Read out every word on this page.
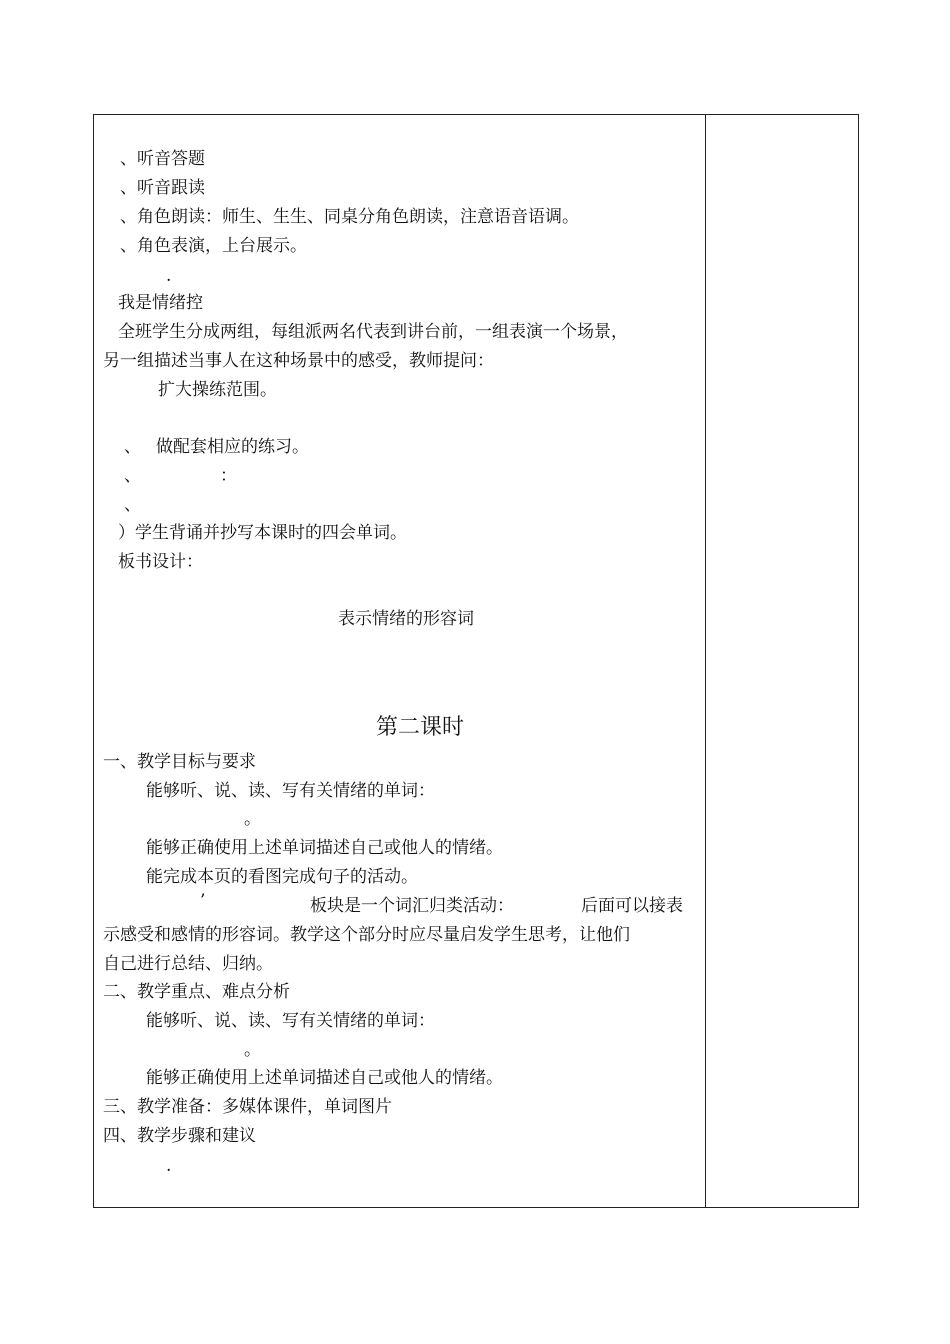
、听音答题
、听音跟读
、角色朗读：师生、生生、同桌分角色朗读，注意语音语调。
、角色表演，上台展示。
.
我是情绪控
全班学生分成两组，每组派两名代表到讲台前，一组表演一个场景，
另一组描述当事人在这种场景中的感受，教师提问：
扩大操练范围。
、 做配套相应的练习。
、	：
、
）学生背诵并抄写本课时的四会单词。
板书设计：
表示情绪的形容词
第二课时
一、教学目标与要求
能够听、说、读、写有关情绪的单词：
。
能够正确使用上述单词描述自己或他人的情绪。
能完成本页的看图完成句子的活动。
’	板块是一个词汇归类活动：	后面可以接表
示感受和感情的形容词。教学这个部分时应尽量启发学生思考，让他们
自己进行总结、归纳。
二、教学重点、难点分析
能够听、说、读、写有关情绪的单词：
。
能够正确使用上述单词描述自己或他人的情绪。
三、教学准备：多媒体课件，单词图片
四、教学步骤和建议
.
